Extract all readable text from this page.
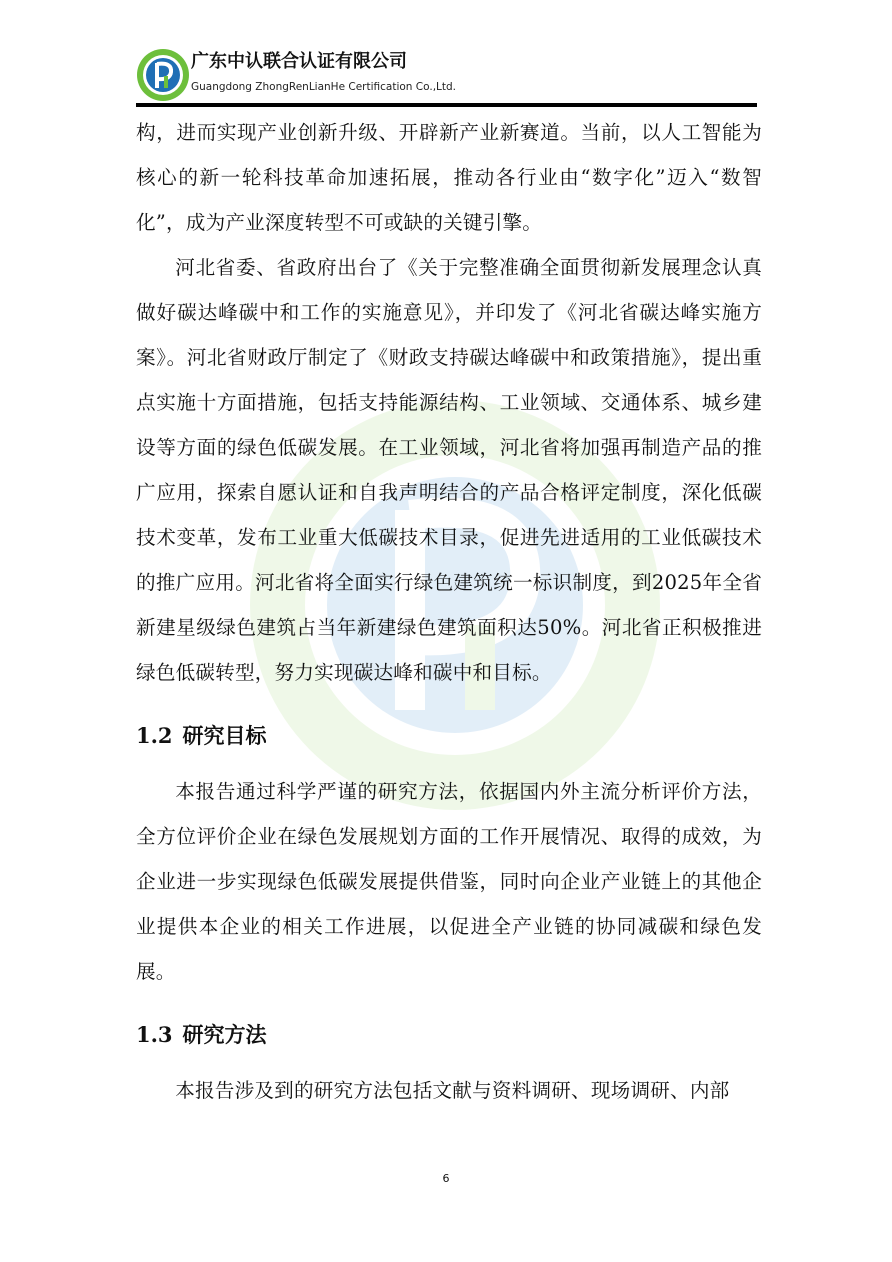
广东中认联合认证有限公司
Guangdong ZhongRenLianHe Certification Co.,Ltd.

构，进而实现产业创新升级、开辟新产业新赛道。当前，以人工智能为核心的新一轮科技革命加速拓展，推动各行业由“数字化”迈入“数智化”，成为产业深度转型不可或缺的关键引擎。

河北省委、省政府出台了《关于完整准确全面贯彻新发展理念认真做好碳达峰碳中和工作的实施意见》，并印发了《河北省碳达峰实施方案》。河北省财政厅制定了《财政支持碳达峰碳中和政策措施》，提出重点实施十方面措施，包括支持能源结构、工业领域、交通体系、城乡建设等方面的绿色低碳发展。在工业领域，河北省将加强再制造产品的推广应用，探索自愿认证和自我声明结合的产品合格评定制度，深化低碳技术变革，发布工业重大低碳技术目录，促进先进适用的工业低碳技术的推广应用。河北省将全面实行绿色建筑统一标识制度，到2025年全省新建星级绿色建筑占当年新建绿色建筑面积达50%。河北省正积极推进绿色低碳转型，努力实现碳达峰和碳中和目标。

1.2 研究目标

本报告通过科学严谨的研究方法，依据国内外主流分析评价方法，全方位评价企业在绿色发展规划方面的工作开展情况、取得的成效，为企业进一步实现绿色低碳发展提供借鉴，同时向企业产业链上的其他企业提供本企业的相关工作进展，以促进全产业链的协同减碳和绿色发展。

1.3 研究方法

本报告涉及到的研究方法包括文献与资料调研、现场调研、内部

6
